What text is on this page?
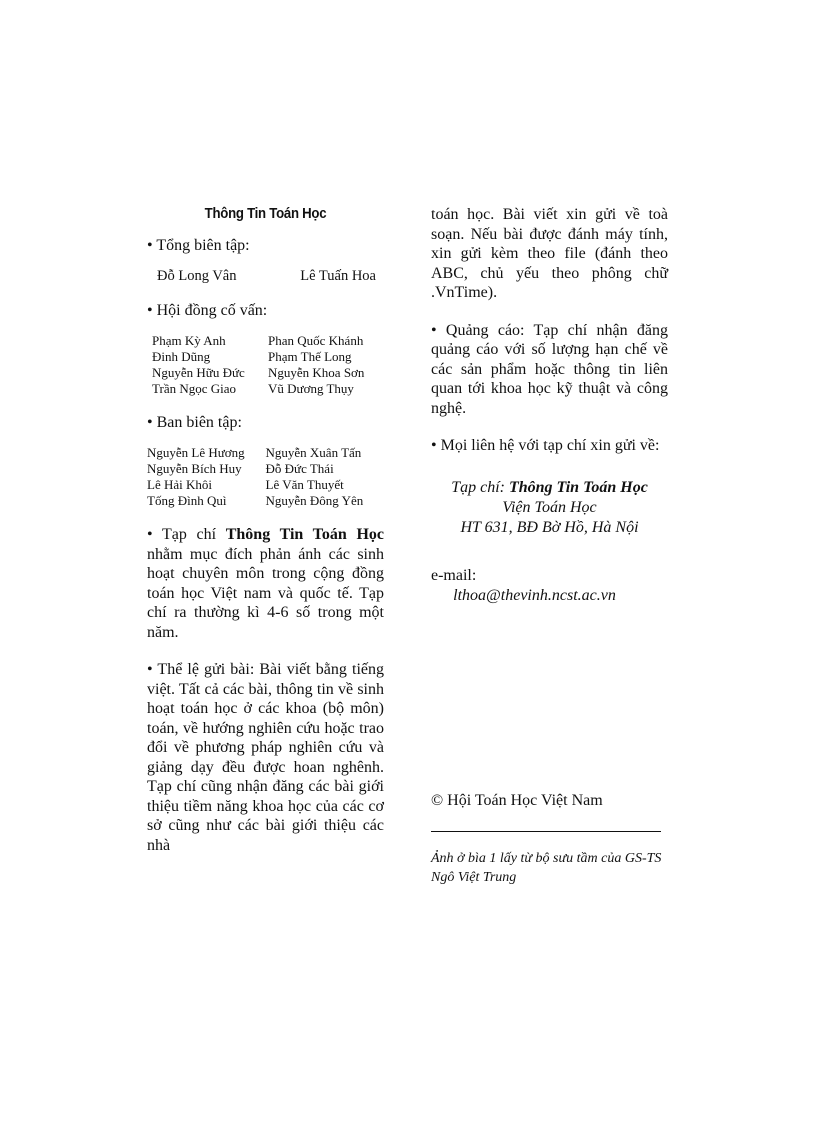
Thông Tin Toán Học

• Tổng biên tập:

Đỗ Long Vân	Lê Tuấn Hoa

• Hội đồng cố vấn:

Phạm Kỳ Anh	Phan Quốc Khánh
Đinh Dũng	Phạm Thế Long
Nguyễn Hữu Đức	Nguyễn Khoa Sơn
Trần Ngọc Giao	Vũ Dương Thụy

• Ban biên tập:

Nguyễn Lê Hương	Nguyễn Xuân Tấn
Nguyễn Bích Huy	Đỗ Đức Thái
Lê Hải Khôi	Lê Văn Thuyết
Tống Đình Quì	Nguyễn Đông Yên

• Tạp chí Thông Tin Toán Học nhằm mục đích phản ánh các sinh hoạt chuyên môn trong cộng đồng toán học Việt nam và quốc tế. Tạp chí ra thường kì 4-6 số trong một năm.

• Thể lệ gửi bài: Bài viết bằng tiếng việt. Tất cả các bài, thông tin về sinh hoạt toán học ở các khoa (bộ môn) toán, về hướng nghiên cứu hoặc trao đổi về phương pháp nghiên cứu và giảng dạy đều được hoan nghênh. Tạp chí cũng nhận đăng các bài giới thiệu tiềm năng khoa học của các cơ sở cũng như các bài giới thiệu các nhà

toán học. Bài viết xin gửi về toà soạn. Nếu bài được đánh máy tính, xin gửi kèm theo file (đánh theo ABC, chủ yếu theo phông chữ .VnTime).

• Quảng cáo: Tạp chí nhận đăng quảng cáo với số lượng hạn chế về các sản phẩm hoặc thông tin liên quan tới khoa học kỹ thuật và công nghệ.

• Mọi liên hệ với tạp chí xin gửi về:

Tạp chí: Thông Tin Toán Học
Viện Toán Học
HT 631, BĐ Bờ Hồ, Hà Nội
e-mail:
lthoa@thevinh.ncst.ac.vn
© Hội Toán Học Việt Nam
Ảnh ở bìa 1 lấy từ bộ sưu tầm của GS-TS Ngô Việt Trung
